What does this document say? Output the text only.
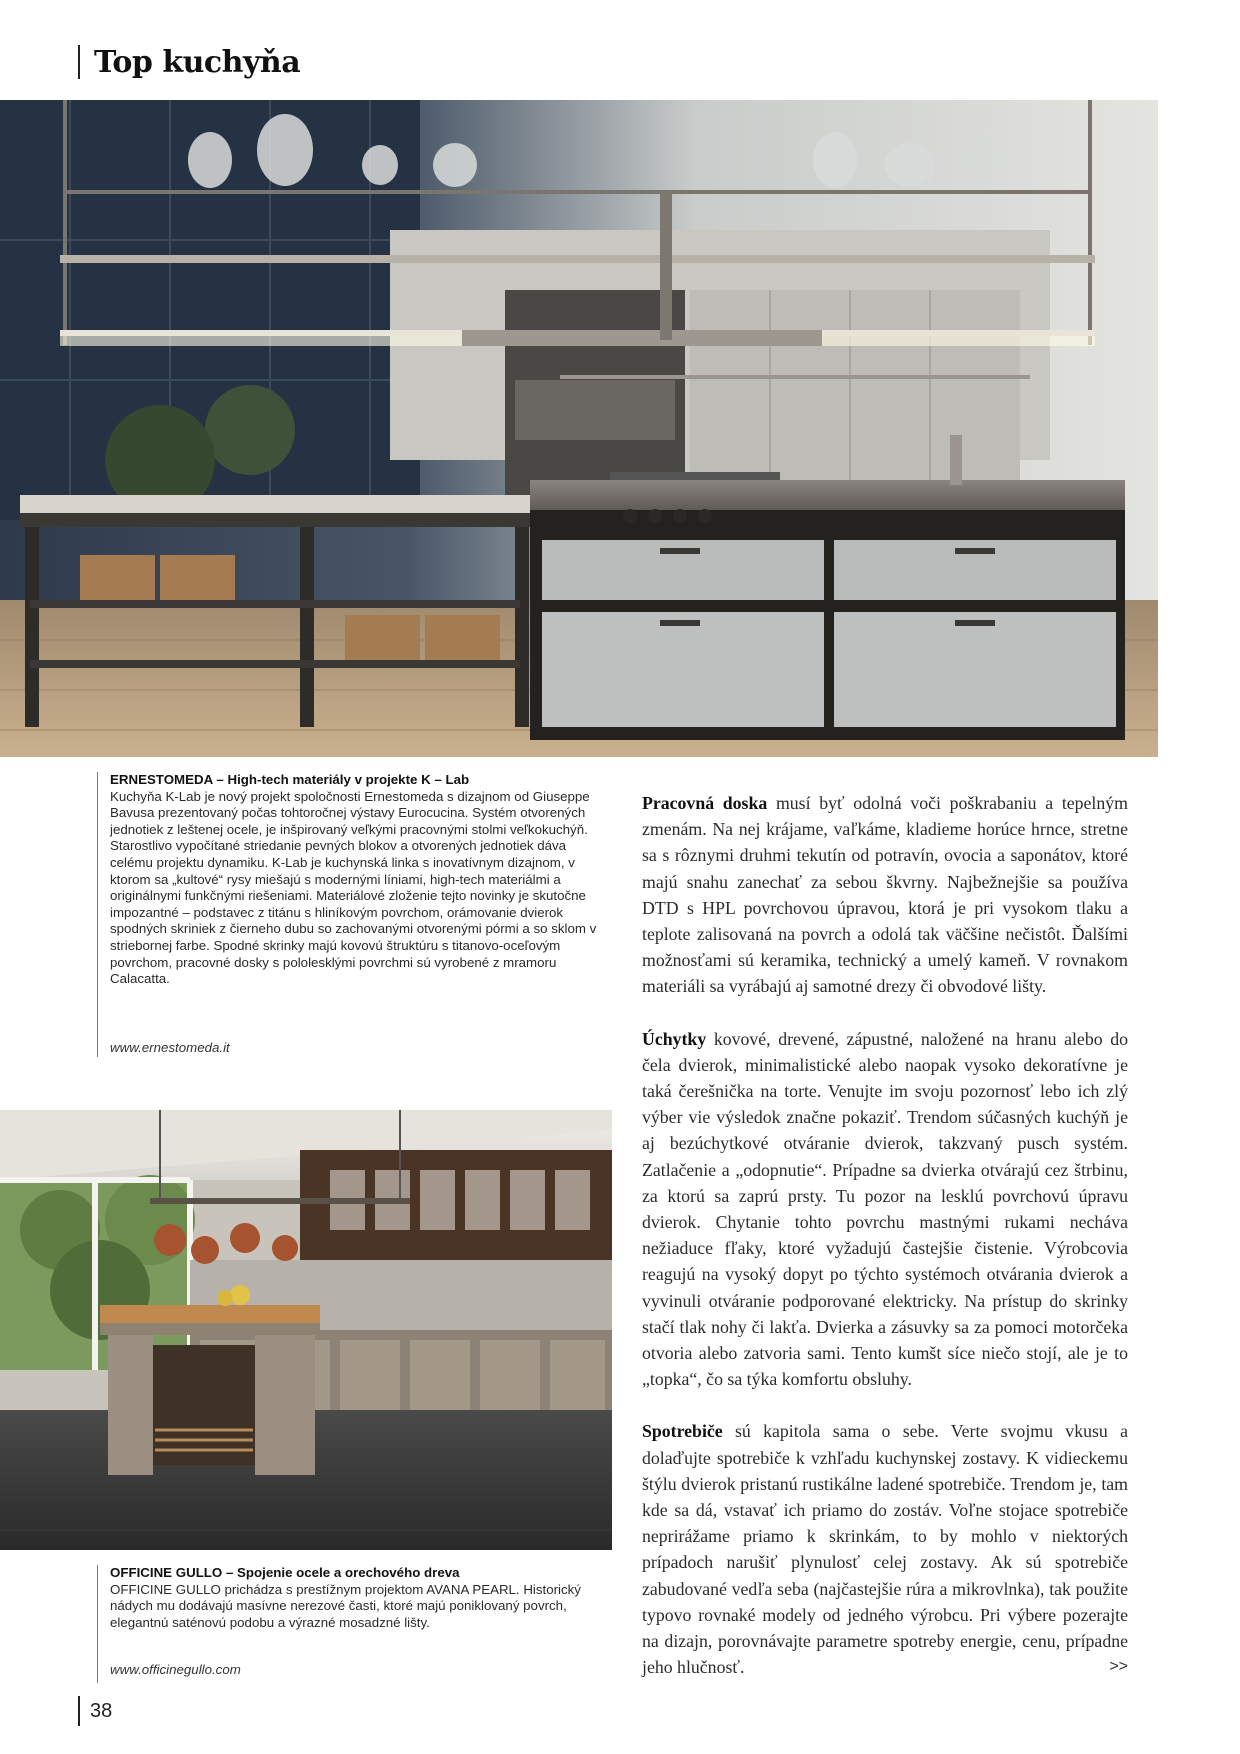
Top kuchyňa
ERNESTOMEDA – High-tech materiály v projekte K – Lab
Kuchyňa K-Lab je nový projekt spoločnosti Ernestomeda s dizajnom od Giuseppe Bavusa prezentovaný počas tohtoročnej výstavy Eurocucina. Systém otvorených jednotiek z leštenej ocele, je inšpirovaný veľkými pracovnými stolmi veľkokuchýň. Starostlivo vypočítané striedanie pevných blokov a otvorených jednotiek dáva celému projektu dynamiku. K-Lab je kuchynská linka s inovatívnym dizajnom, v ktorom sa „kultové“ rysy miešajú s modernými líniami, high-tech materiálmi a originálnymi funkčnými riešeniami. Materiálové zloženie tejto novinky je skutočne impozantné – podstavec z titánu s hliníkovým povrchom, orámovanie dvierok spodných skriniek z čierneho dubu so zachovanými otvorenými pórmi a so sklom v striebornej farbe. Spodné skrinky majú kovovú štruktúru s titanovo-oceľovým povrchom, pracovné dosky s pololesklými povrchmi sú vyrobené z mramoru Calacatta.
www.ernestomeda.it
OFFICINE GULLO – Spojenie ocele a orechového dreva
OFFICINE GULLO prichádza s prestížnym projektom AVANA PEARL. Historický nádych mu dodávajú masívne nerezové časti, ktoré majú poniklovaný povrch, elegantnú saténovú podobu a výrazné mosadzné lišty.
www.officinegullo.com

Pracovná doska musí byť odolná voči poškrabaniu a tepelným zmenám. Na nej krájame, vaľkáme, kladieme horúce hrnce, stretne sa s rôznymi druhmi tekutín od potravín, ovocia a saponátov, ktoré majú snahu zanechať za sebou škvrny. Najbežnejšie sa používa DTD s HPL povrchovou úpravou, ktorá je pri vysokom tlaku a teplote zalisovaná na povrch a odolá tak väčšine nečistôt. Ďalšími možnosťami sú keramika, technický a umelý kameň. V rovnakom materiáli sa vyrábajú aj samotné drezy či obvodové lišty.

Úchytky kovové, drevené, zápustné, naložené na hranu alebo do čela dvierok, minimalistické alebo naopak vysoko dekoratívne je taká čerešnička na torte. Venujte im svoju pozornosť lebo ich zlý výber vie výsledok značne pokaziť. Trendom súčasných kuchýň je aj bezúchytkové otváranie dvierok, takzvaný pusch systém. Zatlačenie a „odopnutie“. Prípadne sa dvierka otvárajú cez štrbinu, za ktorú sa zaprú prsty. Tu pozor na lesklú povrchovú úpravu dvierok. Chytanie tohto povrchu mastnými rukami necháva nežiaduce fľaky, ktoré vyžadujú častejšie čistenie. Výrobcovia reagujú na vysoký dopyt po týchto systémoch otvárania dvierok a vyvinuli otváranie podporované elektricky. Na prístup do skrinky stačí tlak nohy či lakťa. Dvierka a zásuvky sa za pomoci motorčeka otvoria alebo zatvoria sami. Tento kumšt síce niečo stojí, ale je to „topka“, čo sa týka komfortu obsluhy.

Spotrebiče sú kapitola sama o sebe. Verte svojmu vkusu a dolaďujte spotrebiče k vzhľadu kuchynskej zostavy. K vidieckemu štýlu dvierok pristanú rustikálne ladené spotrebiče. Trendom je, tam kde sa dá, vstavať ich priamo do zostáv. Voľne stojace spotrebiče neprirážame priamo k skrinkám, to by mohlo v niektorých prípadoch narušiť plynulosť celej zostavy. Ak sú spotrebiče zabudované vedľa seba (najčastejšie rúra a mikrovlnka), tak použite typovo rovnaké modely od jedného výrobcu. Pri výbere pozerajte na dizajn, porovnávajte parametre spotreby energie, cenu, prípadne jeho hlučnosť.	>>

38
